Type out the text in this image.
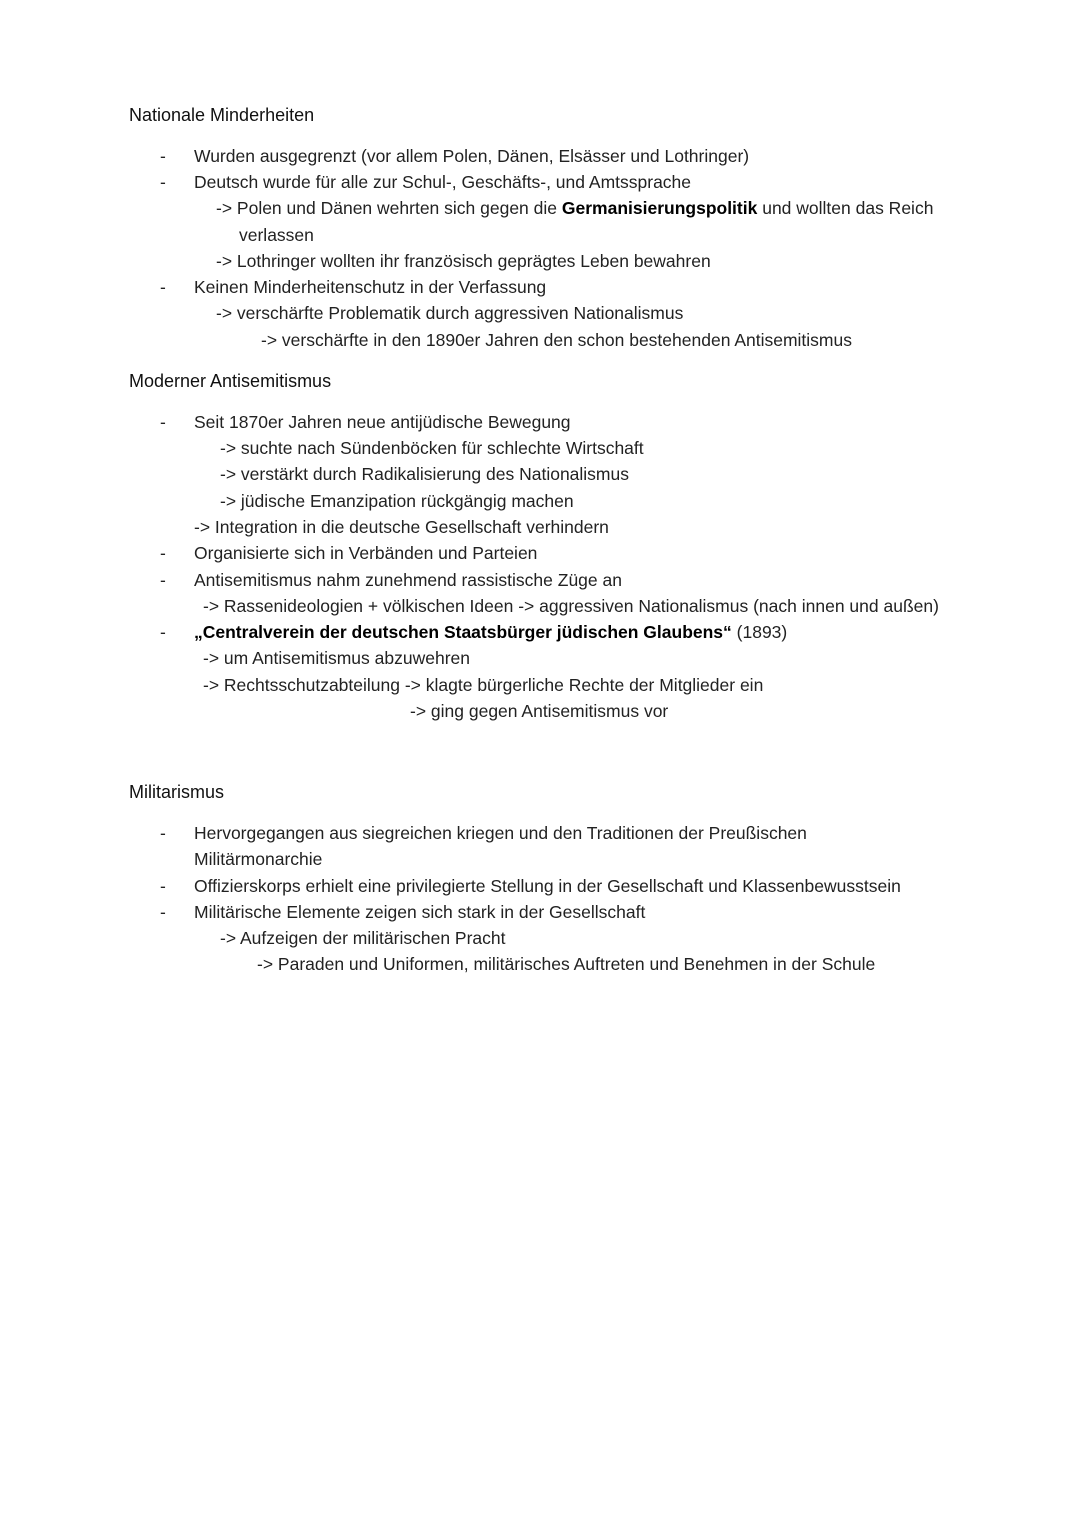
Nationale Minderheiten
- Wurden ausgegrenzt (vor allem Polen, Dänen, Elsässer und Lothringer)
- Deutsch wurde für alle zur Schul-, Geschäfts-, und Amtssprache
-> Polen und Dänen wehrten sich gegen die Germanisierungspolitik und wollten das Reich
verlassen
-> Lothringer wollten ihr französisch geprägtes Leben bewahren
- Keinen Minderheitenschutz in der Verfassung
-> verschärfte Problematik durch aggressiven Nationalismus
-> verschärfte in den 1890er Jahren den schon bestehenden Antisemitismus
Moderner Antisemitismus
- Seit 1870er Jahren neue antijüdische Bewegung
-> suchte nach Sündenböcken für schlechte Wirtschaft
-> verstärkt durch Radikalisierung des Nationalismus
-> jüdische Emanzipation rückgängig machen
-> Integration in die deutsche Gesellschaft verhindern
- Organisierte sich in Verbänden und Parteien
- Antisemitismus nahm zunehmend rassistische Züge an
-> Rassenideologien + völkischen Ideen -> aggressiven Nationalismus (nach innen und außen)
- „Centralverein der deutschen Staatsbürger jüdischen Glaubens“ (1893)
-> um Antisemitismus abzuwehren
-> Rechtsschutzabteilung -> klagte bürgerliche Rechte der Mitglieder ein
-> ging gegen Antisemitismus vor
Militarismus
- Hervorgegangen aus siegreichen kriegen und den Traditionen der Preußischen
Militärmonarchie
- Offizierskorps erhielt eine privilegierte Stellung in der Gesellschaft und Klassenbewusstsein
- Militärische Elemente zeigen sich stark in der Gesellschaft
-> Aufzeigen der militärischen Pracht
-> Paraden und Uniformen, militärisches Auftreten und Benehmen in der Schule
